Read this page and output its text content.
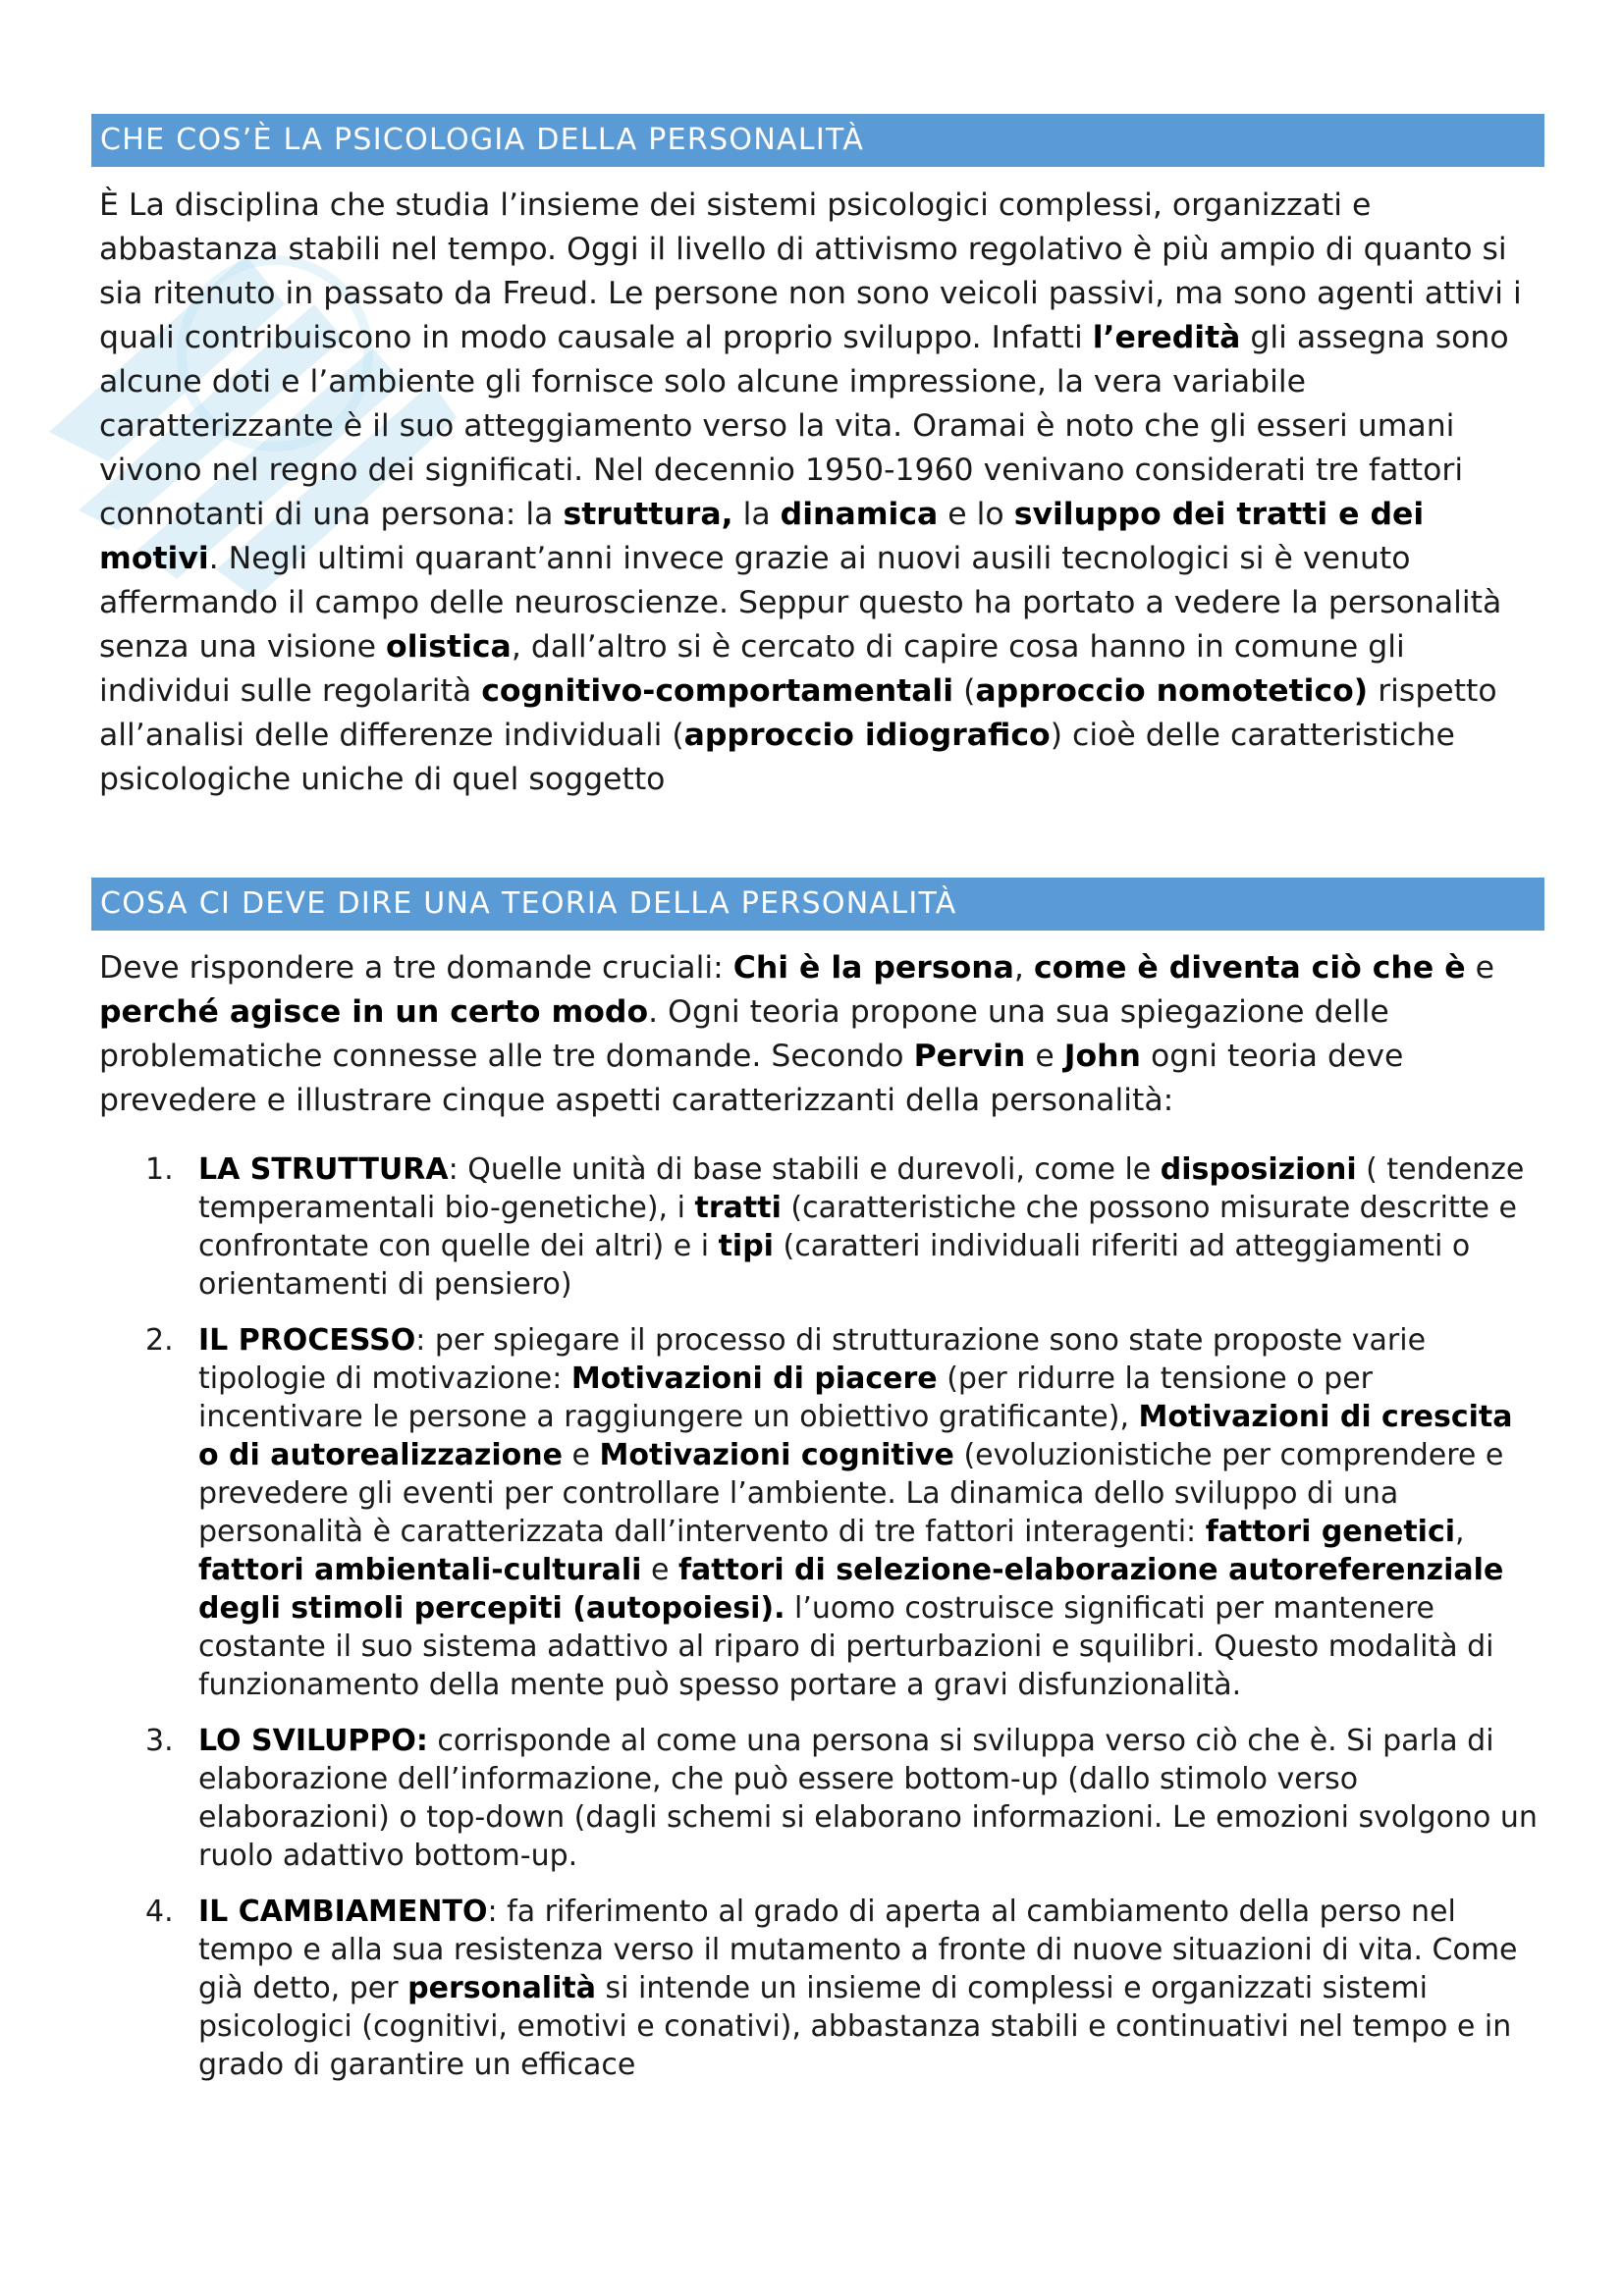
CHE COS’È LA PSICOLOGIA DELLA PERSONALITÀ

È La disciplina che studia l’insieme dei sistemi psicologici complessi, organizzati e abbastanza stabili nel tempo. Oggi il livello di attivismo regolativo è più ampio di quanto si sia ritenuto in passato da Freud. Le persone non sono veicoli passivi, ma sono agenti attivi i quali contribuiscono in modo causale al proprio sviluppo. Infatti l’eredità gli assegna sono alcune doti e l’ambiente gli fornisce solo alcune impressione, la vera variabile caratterizzante è il suo atteggiamento verso la vita. Oramai è noto che gli esseri umani vivono nel regno dei significati. Nel decennio 1950-1960 venivano considerati tre fattori connotanti di una persona: la struttura, la dinamica e lo sviluppo dei tratti e dei motivi. Negli ultimi quarant’anni invece grazie ai nuovi ausili tecnologici si è venuto affermando il campo delle neuroscienze. Seppur questo ha portato a vedere la personalità senza una visione olistica, dall’altro si è cercato di capire cosa hanno in comune gli individui sulle regolarità cognitivo-comportamentali (approccio nomotetico) rispetto all’analisi delle differenze individuali (approccio idiografico) cioè delle caratteristiche psicologiche uniche di quel soggetto

COSA CI DEVE DIRE UNA TEORIA DELLA PERSONALITÀ

Deve rispondere a tre domande cruciali: Chi è la persona, come è diventa ciò che è e perché agisce in un certo modo. Ogni teoria propone una sua spiegazione delle problematiche connesse alle tre domande. Secondo Pervin e John ogni teoria deve prevedere e illustrare cinque aspetti caratterizzanti della personalità:

1. LA STRUTTURA: Quelle unità di base stabili e durevoli, come le disposizioni ( tendenze temperamentali bio-genetiche), i tratti (caratteristiche che possono misurate descritte e confrontate con quelle dei altri) e i tipi (caratteri individuali riferiti ad atteggiamenti o orientamenti di pensiero)
2. IL PROCESSO: per spiegare il processo di strutturazione sono state proposte varie tipologie di motivazione: Motivazioni di piacere (per ridurre la tensione o per incentivare le persone a raggiungere un obiettivo gratificante), Motivazioni di crescita o di autorealizzazione e Motivazioni cognitive (evoluzionistiche per comprendere e prevedere gli eventi per controllare l’ambiente. La dinamica dello sviluppo di una personalità è caratterizzata dall’intervento di tre fattori interagenti: fattori genetici, fattori ambientali-culturali e fattori di selezione-elaborazione autoreferenziale degli stimoli percepiti (autopoiesi). l’uomo costruisce significati per mantenere costante il suo sistema adattivo al riparo di perturbazioni e squilibri. Questo modalità di funzionamento della mente può spesso portare a gravi disfunzionalità.
3. LO SVILUPPO: corrisponde al come una persona si sviluppa verso ciò che è. Si parla di elaborazione dell’informazione, che può essere bottom-up (dallo stimolo verso elaborazioni) o top-down (dagli schemi si elaborano informazioni. Le emozioni svolgono un ruolo adattivo bottom-up.
4. IL CAMBIAMENTO: fa riferimento al grado di aperta al cambiamento della perso nel tempo e alla sua resistenza verso il mutamento a fronte di nuove situazioni di vita. Come già detto, per personalità si intende un insieme di complessi e organizzati sistemi psicologici (cognitivi, emotivi e conativi), abbastanza stabili e continuativi nel tempo e in grado di garantire un efficace
